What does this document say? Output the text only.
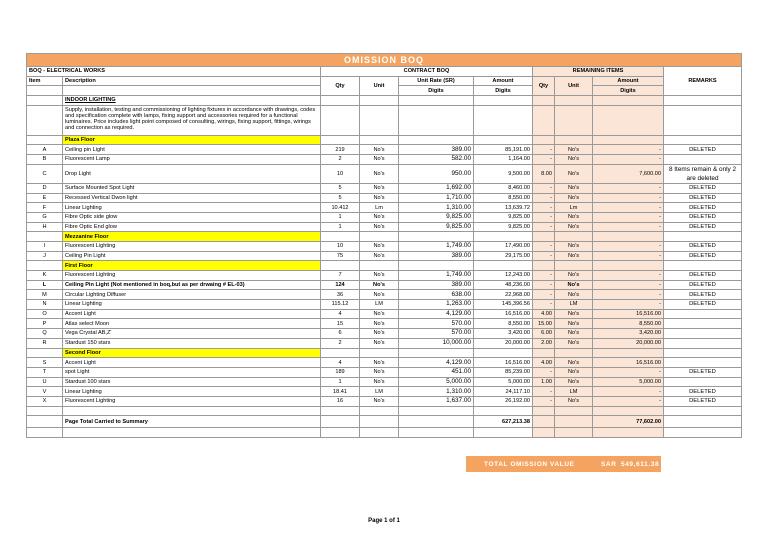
OMISSION BOQ									
BOQ - ELECTRICAL WORKS		CONTRACT BOQ				REMAINING ITEMS			REMARKS
Item	Description	Qty	Unit	Unit Rate (SR)	Amount	Qty	Unit	Amount	
				Digits	Digits			Digits	
	INDOOR LIGHTING								
	Supply, installation, testing and commissioning of lighting fixtures in accordance with drawings, codes and specification complete with lamps, fixing support and accessories required for a functional luminaires. Price includes light point composed of consulting, wirings, fixing support, fittings, wirings and connection as required.								
	Plaza Floor								
A	Ceiling pin Light	219	No's	389.00	85,191.00	-	No's	-	DELETED
B	Fluorescent Lamp	2	No's	582.00	1,164.00	-	No's	-	
C	Drop Light	10	No's	950.00	9,500.00	8.00	No's	7,600.00	8 Items remain & only 2 are deleted
D	Surface Mounted Spot Light	5	No's	1,692.00	8,460.00	-	No's	-	DELETED
E	Recessed Vertical Dwon light	5	No's	1,710.00	8,550.00	-	No's	-	DELETED
F	Linear Lighting	10.412	Lm	1,310.00	13,639.72	-	Lm	-	DELETED
G	Fibre Optic side glow	1	No's	9,825.00	9,825.00	-	No's	-	DELETED
H	Fibre Optic End glow	1	No's	9,825.00	9,825.00	-	No's	-	DELETED
	Mezzanine Floor								
I	Fluorescent Lighting	10	No's	1,749.00	17,490.00	-	No's	-	DELETED
J	Ceiling Pin Light	75	No's	389.00	29,175.00	-	No's	-	DELETED
	First Floor								
K	Fluorescent Lighting	7	No's	1,749.00	12,243.00	-	No's	-	DELETED
L	Ceiling Pin Light (Not mentioned in boq,but as per drwaing # EL-03)	124	No's	389.00	48,236.00	-	No's	-	DELETED
M	Circular Lighting Diffuser	36	No's	638.00	22,968.00	-	No's	-	DELETED
N	Linear Lighting	115.12	LM	1,263.00	145,396.56	-	LM	-	DELETED
O	Accent Light	4	No's	4,129.00	16,516.00	4.00	No's	16,516.00	
P	Atlas select Moon	15	No's	570.00	8,550.00	15.00	No's	8,550.00	
Q	Vega Crystal AB,Z'	6	No's	570.00	3,420.00	6.00	No's	3,420.00	
R	Stardust 150 stars	2	No's	10,000.00	20,000.00	2.00	No's	20,000.00	
	Second Floor								
S	Accent Light	4	No's	4,129.00	16,516.00	4.00	No's	16,516.00	
T	spot Light	189	No's	451.00	85,239.00	-	No's	-	DELETED
U	Stardust 100 stars	1	No's	5,000.00	5,000.00	1.00	No's	5,000.00	
V	Linear Lighting	18.41	LM	1,310.00	24,117.10	-	LM	-	DELETED
X	Fluorescent Lighting	16	No's	1,637.00	26,192.00	-	No's	-	DELETED

	Page Total Carried to Summary				627,213.38			77,602.00	

TOTAL OMISSION VALUE	SAR 549,611.38
Page 1 of 1
